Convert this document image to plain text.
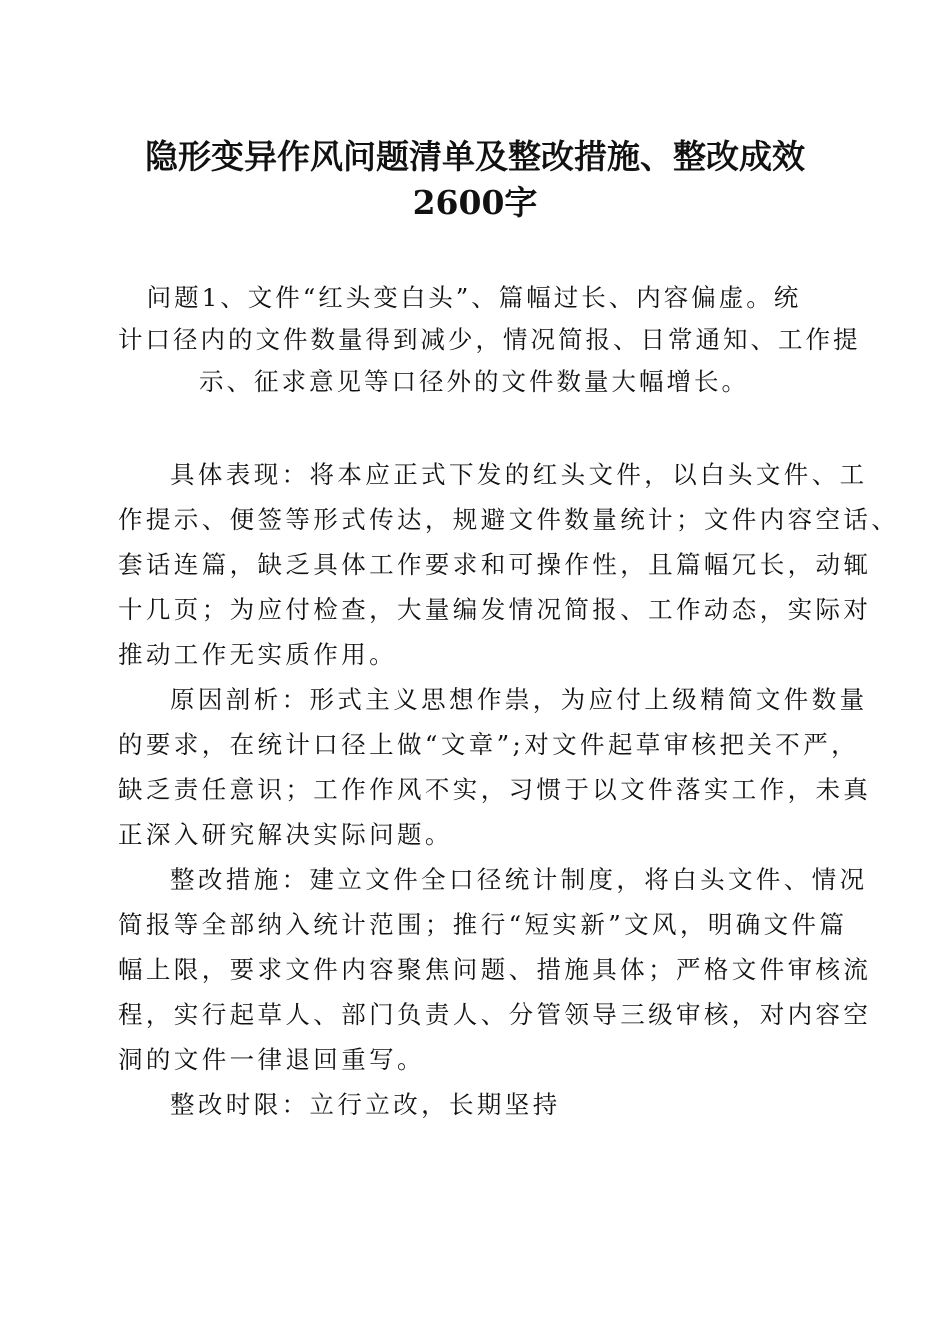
隐形变异作风问题清单及整改措施、整改成效
2600字
问题1、文件“红头变白头”、篇幅过长、内容偏虚。统
计口径内的文件数量得到减少，情况简报、日常通知、工作提
示、征求意见等口径外的文件数量大幅增长。

具体表现：将本应正式下发的红头文件，以白头文件、工
作提示、便签等形式传达，规避文件数量统计；文件内容空话、
套话连篇，缺乏具体工作要求和可操作性，且篇幅冗长，动辄
十几页；为应付检查，大量编发情况简报、工作动态，实际对
推动工作无实质作用。

原因剖析：形式主义思想作祟，为应付上级精简文件数量
的要求，在统计口径上做“文章”;对文件起草审核把关不严，
缺乏责任意识；工作作风不实，习惯于以文件落实工作，未真
正深入研究解决实际问题。

整改措施：建立文件全口径统计制度，将白头文件、情况
简报等全部纳入统计范围；推行“短实新”文风，明确文件篇
幅上限，要求文件内容聚焦问题、措施具体；严格文件审核流
程，实行起草人、部门负责人、分管领导三级审核，对内容空
洞的文件一律退回重写。

整改时限：立行立改，长期坚持
